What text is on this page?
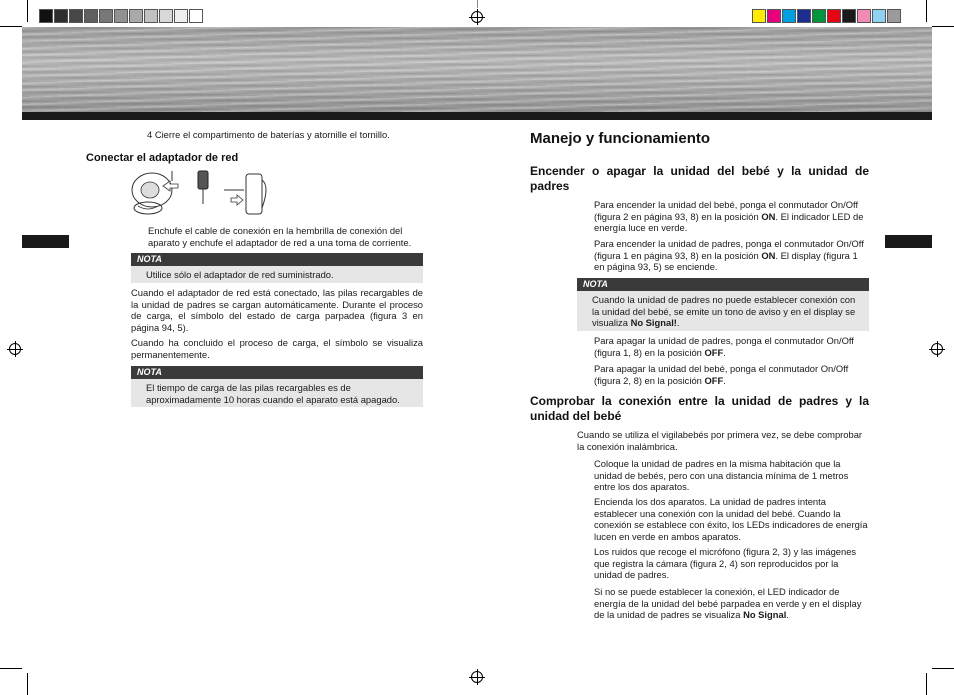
4 Cierre el compartimento de baterías y atornille el tornillo.
Conectar el adaptador de red
Enchufe el cable de conexión en la hembrilla de conexión del aparato y enchufe el adaptador de red a una toma de corriente.
NOTA
Utilice sólo el adaptador de red suministrado.
Cuando el adaptador de red está conectado, las pilas recargables de la unidad de padres se cargan automáticamente. Durante el proceso de carga, el símbolo del estado de carga parpadea (figura 3 en página 94, 5).
Cuando ha concluido el proceso de carga, el símbolo se visualiza permanentemente.
NOTA
El tiempo de carga de las pilas recargables es de aproximadamente 10 horas cuando el aparato está apagado.
Manejo y funcionamiento
Encender o apagar la unidad del bebé y la unidad de padres
Para encender la unidad del bebé, ponga el conmutador On/Off (figura 2 en página 93, 8) en la posición ON. El indicador LED de energía luce en verde.
Para encender la unidad de padres, ponga el conmutador On/Off (figura 1 en página 93, 8) en la posición ON. El display (figura 1 en página 93, 5) se enciende.
NOTA
Cuando la unidad de padres no puede establecer conexión con la unidad del bebé, se emite un tono de aviso y en el display se visualiza No Signal!.
Para apagar la unidad de padres, ponga el conmutador On/Off (figura 1, 8) en la posición OFF.
Para apagar la unidad del bebé, ponga el conmutador On/Off (figura 2, 8) en la posición OFF.
Comprobar la conexión entre la unidad de padres y la unidad del bebé
Cuando se utiliza el vigilabebés por primera vez, se debe comprobar la conexión inalámbrica.
Coloque la unidad de padres en la misma habitación que la unidad de bebés, pero con una distancia mínima de 1 metros entre los dos aparatos.
Encienda los dos aparatos. La unidad de padres intenta establecer una conexión con la unidad del bebé. Cuando la conexión se establece con éxito, los LEDs indicadores de energía lucen en verde en ambos aparatos.
Los ruidos que recoge el micrófono (figura 2, 3) y las imágenes que registra la cámara (figura 2, 4) son reproducidos por la unidad de padres.
Si no se puede establecer la conexión, el LED indicador de energía de la unidad del bebé parpadea en verde y en el display de la unidad de padres se visualiza No Signal.
